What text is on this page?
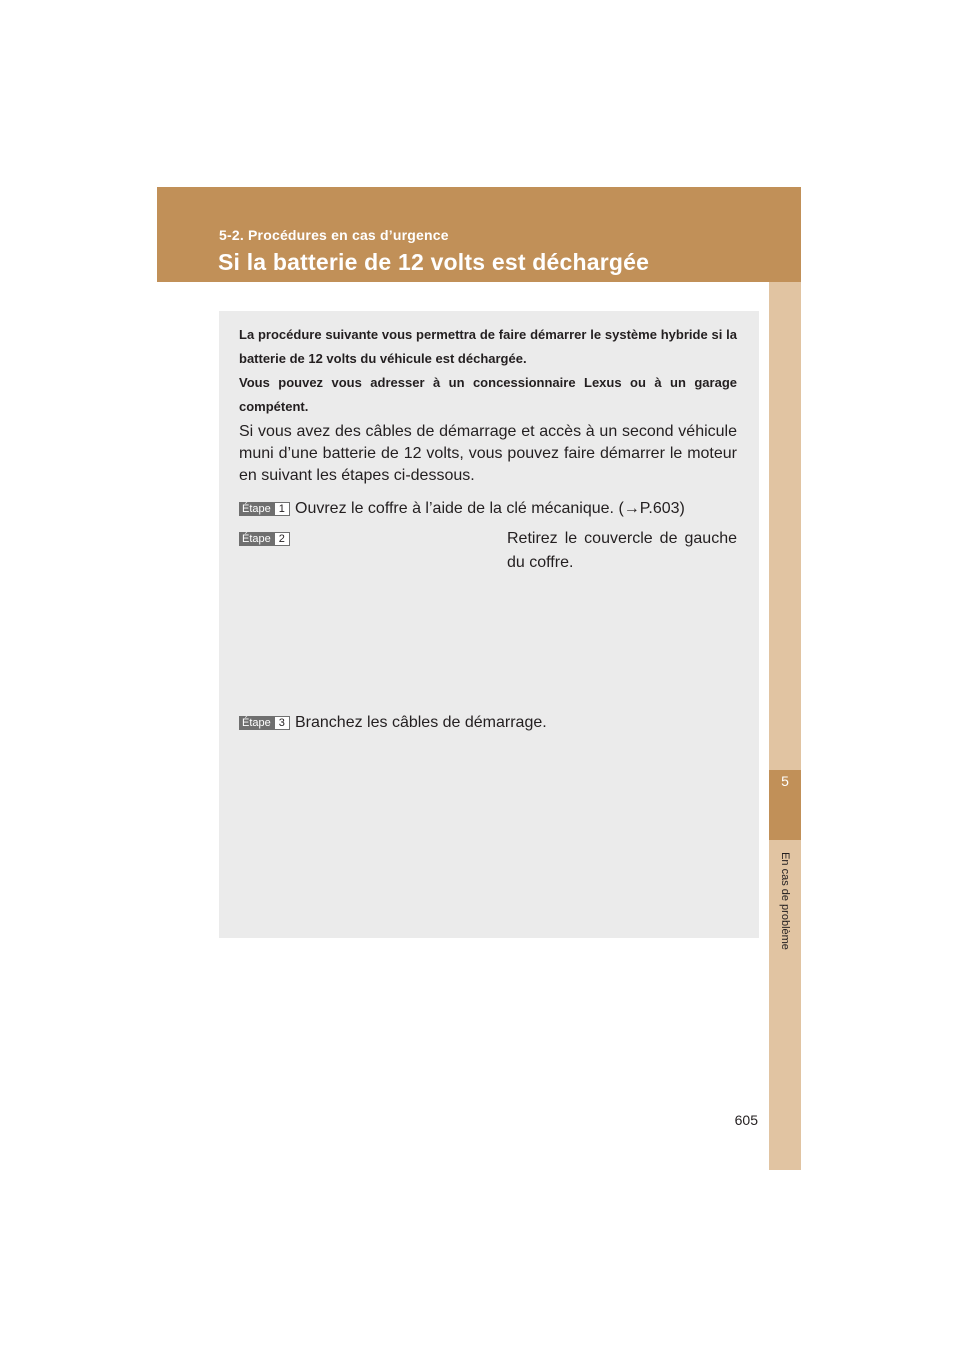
5-2. Procédures en cas d’urgence
Si la batterie de 12 volts est déchargée
5
En cas de problème

La procédure suivante vous permettra de faire démarrer le système hybride si la batterie de 12 volts du véhicule est déchargée.

Vous pouvez vous adresser à un concessionnaire Lexus ou à un garage compétent.

Si vous avez des câbles de démarrage et accès à un second véhicule muni d’une batterie de 12 volts, vous pouvez faire démarrer le moteur en suivant les étapes ci-dessous.

Étape 1 Ouvrez le coffre à l’aide de la clé mécanique. (→P.603)

Étape 2	Retirez le couvercle de gauche du coffre.

Étape 3 Branchez les câbles de démarrage.

605
